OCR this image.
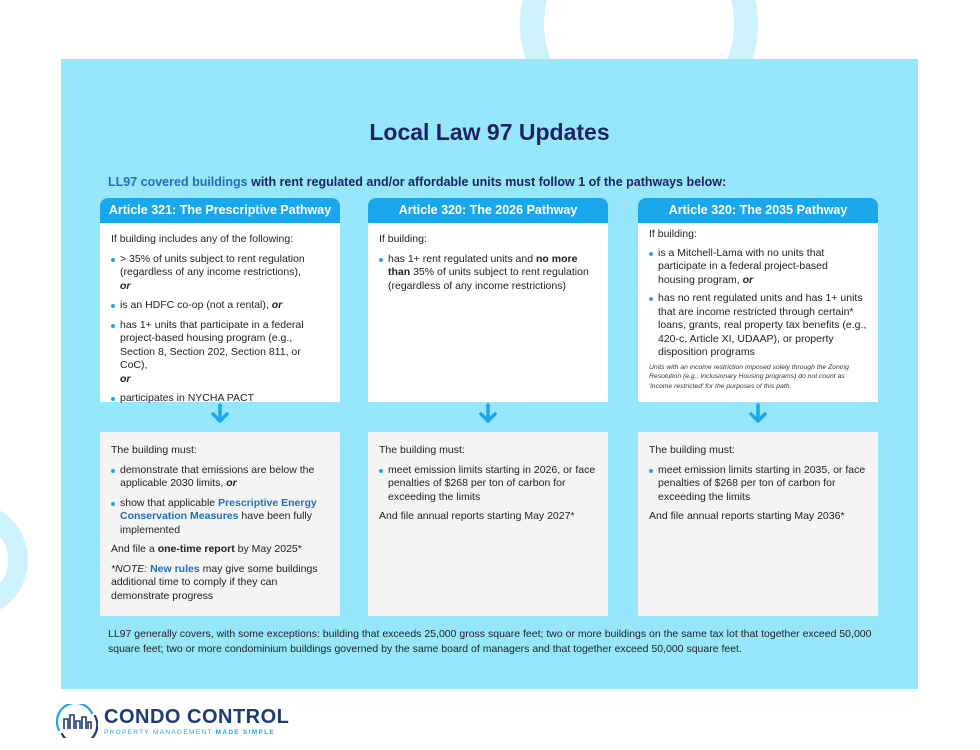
Local Law 97 Updates
LL97 covered buildings with rent regulated and/or affordable units must follow 1 of the pathways below:
Article 321: The Prescriptive Pathway

If building includes any of the following:

> 35% of units subject to rent regulation (regardless of any income restrictions),
or
is an HDFC co-op (not a rental), or
has 1+ units that participate in a federal project-based housing program (e.g., Section 8, Section 202, Section 811, or CoC),
or
participates in NYCHA PACT
Article 320: The 2026 Pathway

If building:

has 1+ rent regulated units and no more than 35% of units subject to rent regulation (regardless of any income restrictions)
Article 320: The 2035 Pathway

If building:

is a Mitchell-Lama with no units that participate in a federal project-based housing program, or
has no rent regulated units and has 1+ units that are income restricted through certain* loans, grants, real property tax benefits (e.g., 420-c, Article XI, UDAAP), or property disposition programs

Units with an income restriction imposed solely through the Zoning Resolution (e.g., Inclusionary Housing programs) do not count as 'income restricted' for the purposes of this path.

The building must:

demonstrate that emissions are below the applicable 2030 limits, or
show that applicable Prescriptive Energy Conservation Measures have been fully implemented

And file a one-time report by May 2025*

*NOTE: New rules may give some buildings additional time to comply if they can demonstrate progress

The building must:

meet emission limits starting in 2026, or face penalties of $268 per ton of carbon for exceeding the limits

And file annual reports starting May 2027*

The building must:

meet emission limits starting in 2035, or face penalties of $268 per ton of carbon for exceeding the limits

And file annual reports starting May 2036*

LL97 generally covers, with some exceptions: building that exceeds 25,000 gross square feet; two or more buildings on the same tax lot that together exceed 50,000 square feet; two or more condominium buildings governed by the same board of managers and that together exceed 50,000 square feet.

CONDO CONTROL
PROPERTY MANAGEMENT MADE SIMPLE
